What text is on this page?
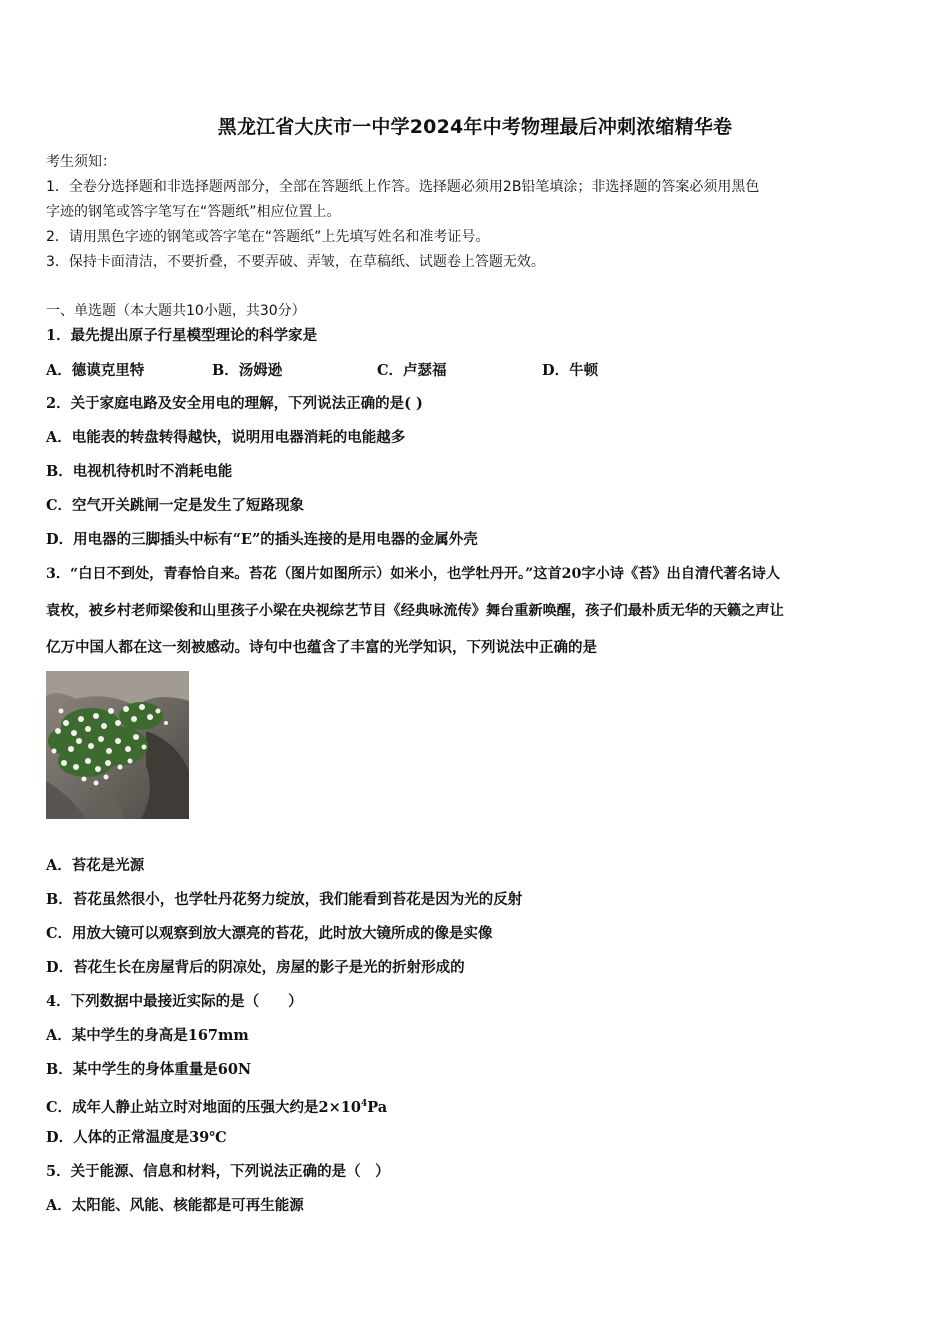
黑龙江省大庆市一中学2024年中考物理最后冲刺浓缩精华卷
考生须知：
1．全卷分选择题和非选择题两部分，全部在答题纸上作答。选择题必须用2B铅笔填涂；非选择题的答案必须用黑色
字迹的钢笔或答字笔写在“答题纸”相应位置上。
2．请用黑色字迹的钢笔或答字笔在“答题纸”上先填写姓名和准考证号。
3．保持卡面清洁，不要折叠，不要弄破、弄皱，在草稿纸、试题卷上答题无效。
一、单选题（本大题共10小题，共30分）
1．最先提出原子行星模型理论的科学家是
A．德谟克里特	B．汤姆逊	C．卢瑟福	D．牛顿
2．关于家庭电路及安全用电的理解，下列说法正确的是( )
A．电能表的转盘转得越快，说明用电器消耗的电能越多
B．电视机待机时不消耗电能
C．空气开关跳闸一定是发生了短路现象
D．用电器的三脚插头中标有“E”的插头连接的是用电器的金属外壳
3．“白日不到处，青春恰自来。苔花（图片如图所示）如米小，也学牡丹开。”这首20字小诗《苔》出自清代著名诗人
袁枚，被乡村老师梁俊和山里孩子小梁在央视综艺节目《经典咏流传》舞台重新唤醒，孩子们最朴质无华的天籁之声让
亿万中国人都在这一刻被感动。诗句中也蕴含了丰富的光学知识，下列说法中正确的是
A．苔花是光源
B．苔花虽然很小，也学牡丹花努力绽放，我们能看到苔花是因为光的反射
C．用放大镜可以观察到放大漂亮的苔花，此时放大镜所成的像是实像
D．苔花生长在房屋背后的阴凉处，房屋的影子是光的折射形成的
4．下列数据中最接近实际的是（　　）
A．某中学生的身高是167mm
B．某中学生的身体重量是60N
C．成年人静止站立时对地面的压强大约是$2\times 10^4Pa$
D．人体的正常温度是39℃
5．关于能源、信息和材料，下列说法正确的是（　）
A．太阳能、风能、核能都是可再生能源
